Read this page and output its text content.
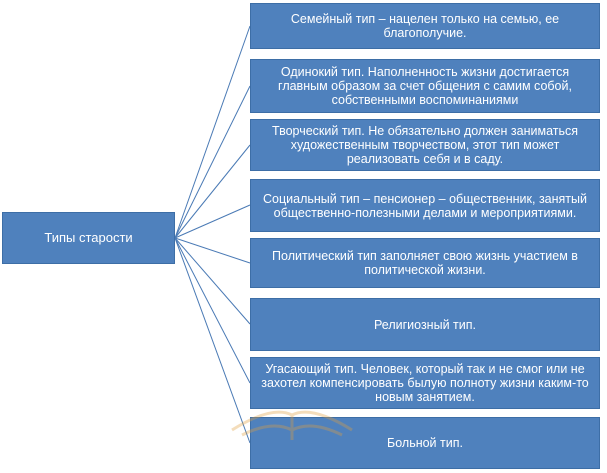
Типы старости
Семейный тип – нацелен только на семью, ее благополучие.
Одинокий тип. Наполненность жизни достигается главным образом за счет общения с самим собой, собственными воспоминаниями
Творческий тип. Не обязательно должен заниматься художественным творчеством, этот тип может реализовать себя и в саду.
Социальный тип – пенсионер – общественник, занятый общественно-полезными делами и мероприятиями.
Политический тип заполняет свою жизнь участием в политической жизни.
Религиозный тип.
Угасающий тип. Человек, который так и не смог или не захотел компенсировать былую полноту жизни каким-то новым занятием.
Больной тип.
